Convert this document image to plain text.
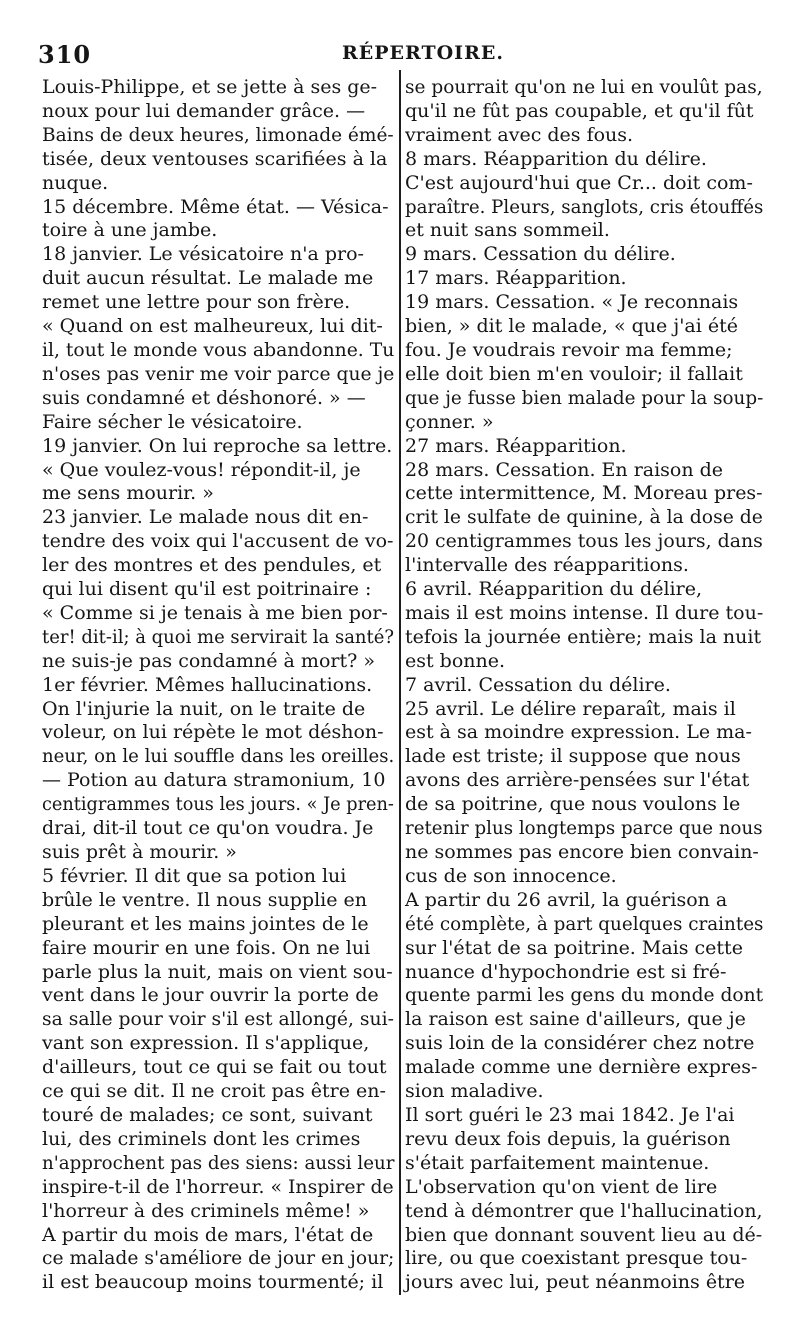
310	RÉPERTOIRE.
Louis-Philippe, et se jette à ses ge-
noux pour lui demander grâce. —
Bains de deux heures, limonade émé-
tisée, deux ventouses scarifiées à la
nuque.
15 décembre. Même état. — Vésica-
toire à une jambe.
18 janvier. Le vésicatoire n'a pro-
duit aucun résultat. Le malade me
remet une lettre pour son frère.
« Quand on est malheureux, lui dit-
il, tout le monde vous abandonne. Tu
n'oses pas venir me voir parce que je
suis condamné et déshonoré. » —
Faire sécher le vésicatoire.
19 janvier. On lui reproche sa lettre.
« Que voulez-vous! répondit-il, je
me sens mourir. »
23 janvier. Le malade nous dit en-
tendre des voix qui l'accusent de vo-
ler des montres et des pendules, et
qui lui disent qu'il est poitrinaire :
« Comme si je tenais à me bien por-
ter! dit-il; à quoi me servirait la santé?
ne suis-je pas condamné à mort? »
1er février. Mêmes hallucinations.
On l'injurie la nuit, on le traite de
voleur, on lui répète le mot déshon-
neur, on le lui souffle dans les oreilles.
— Potion au datura stramonium, 10
centigrammes tous les jours. « Je pren-
drai, dit-il tout ce qu'on voudra. Je
suis prêt à mourir. »
5 février. Il dit que sa potion lui
brûle le ventre. Il nous supplie en
pleurant et les mains jointes de le
faire mourir en une fois. On ne lui
parle plus la nuit, mais on vient sou-
vent dans le jour ouvrir la porte de
sa salle pour voir s'il est allongé, sui-
vant son expression. Il s'applique,
d'ailleurs, tout ce qui se fait ou tout
ce qui se dit. Il ne croit pas être en-
touré de malades; ce sont, suivant
lui, des criminels dont les crimes
n'approchent pas des siens: aussi leur
inspire-t-il de l'horreur. « Inspirer de
l'horreur à des criminels même! »
A partir du mois de mars, l'état de
ce malade s'améliore de jour en jour;
il est beaucoup moins tourmenté; il
se pourrait qu'on ne lui en voulût pas,
qu'il ne fût pas coupable, et qu'il fût
vraiment avec des fous.
8 mars. Réapparition du délire.
C'est aujourd'hui que Cr... doit com-
paraître. Pleurs, sanglots, cris étouffés
et nuit sans sommeil.
9 mars. Cessation du délire.
17 mars. Réapparition.
19 mars. Cessation. « Je reconnais
bien, » dit le malade, « que j'ai été
fou. Je voudrais revoir ma femme;
elle doit bien m'en vouloir; il fallait
que je fusse bien malade pour la soup-
çonner. »
27 mars. Réapparition.
28 mars. Cessation. En raison de
cette intermittence, M. Moreau pres-
crit le sulfate de quinine, à la dose de
20 centigrammes tous les jours, dans
l'intervalle des réapparitions.
6 avril. Réapparition du délire,
mais il est moins intense. Il dure tou-
tefois la journée entière; mais la nuit
est bonne.
7 avril. Cessation du délire.
25 avril. Le délire reparaît, mais il
est à sa moindre expression. Le ma-
lade est triste; il suppose que nous
avons des arrière-pensées sur l'état
de sa poitrine, que nous voulons le
retenir plus longtemps parce que nous
ne sommes pas encore bien convain-
cus de son innocence.
A partir du 26 avril, la guérison a
été complète, à part quelques craintes
sur l'état de sa poitrine. Mais cette
nuance d'hypochondrie est si fré-
quente parmi les gens du monde dont
la raison est saine d'ailleurs, que je
suis loin de la considérer chez notre
malade comme une dernière expres-
sion maladive.
Il sort guéri le 23 mai 1842. Je l'ai
revu deux fois depuis, la guérison
s'était parfaitement maintenue.
L'observation qu'on vient de lire
tend à démontrer que l'hallucination,
bien que donnant souvent lieu au dé-
lire, ou que coexistant presque tou-
jours avec lui, peut néanmoins être
